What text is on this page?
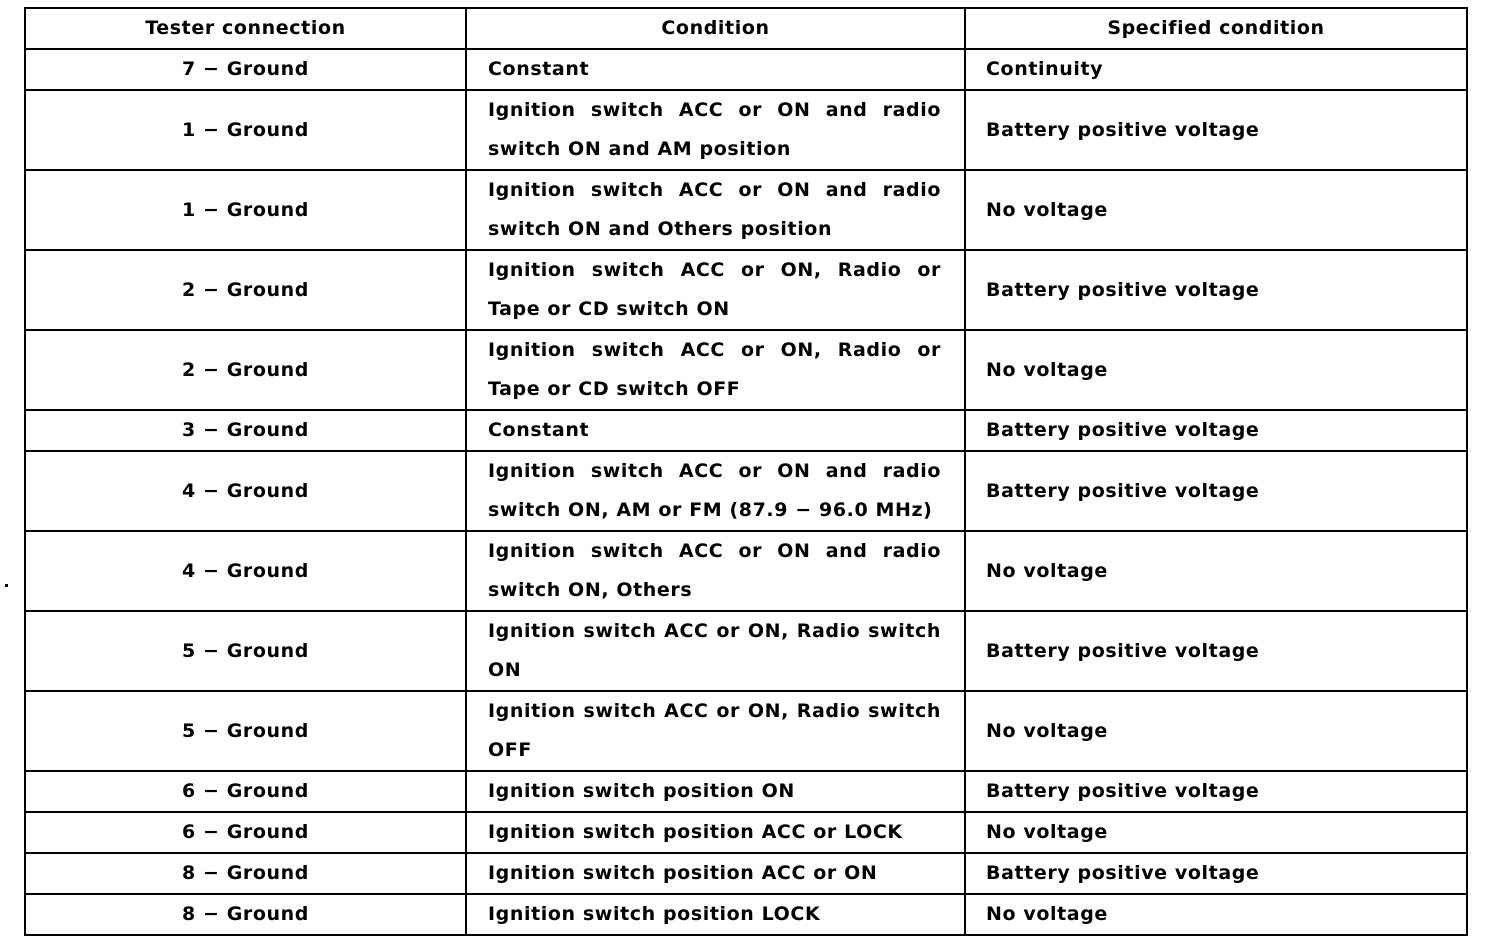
Tester connection	Condition	Specified condition
7 − Ground	Constant	Continuity
1 − Ground	Ignition switch ACC or ON and radio switch ON and AM position	Battery positive voltage
1 − Ground	Ignition switch ACC or ON and radio switch ON and Others position	No voltage
2 − Ground	Ignition switch ACC or ON, Radio or Tape or CD switch ON	Battery positive voltage
2 − Ground	Ignition switch ACC or ON, Radio or Tape or CD switch OFF	No voltage
3 − Ground	Constant	Battery positive voltage
4 − Ground	Ignition switch ACC or ON and radio switch ON, AM or FM (87.9 − 96.0 MHz)	Battery positive voltage
4 − Ground	Ignition switch ACC or ON and radio switch ON, Others	No voltage
5 − Ground	Ignition switch ACC or ON, Radio switch ON	Battery positive voltage
5 − Ground	Ignition switch ACC or ON, Radio switch OFF	No voltage
6 − Ground	Ignition switch position ON	Battery positive voltage
6 − Ground	Ignition switch position ACC or LOCK	No voltage
8 − Ground	Ignition switch position ACC or ON	Battery positive voltage
8 − Ground	Ignition switch position LOCK	No voltage
